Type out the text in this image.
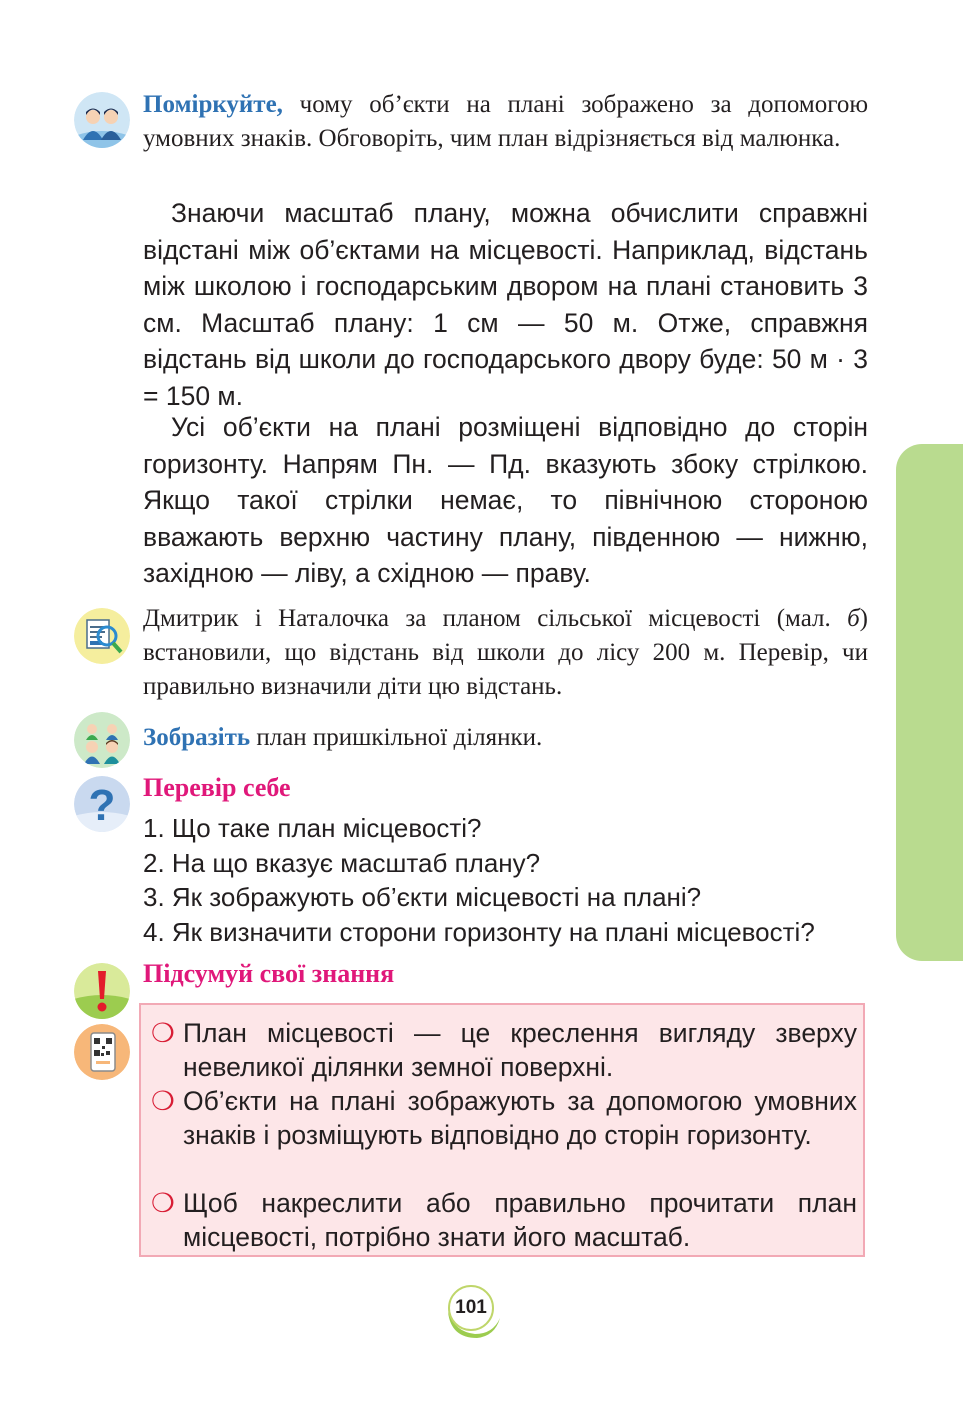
Поміркуйте, чому об’єкти на плані зображено за допомогою умовних знаків. Обговоріть, чим план відрізняється від малюнка.
Знаючи масштаб плану, можна обчислити справжні відстані між об’єктами на місцевості. Наприклад, відстань між школою і господарським двором на плані становить 3 см. Масштаб плану: 1 см — 50 м. Отже, справжня відстань від школи до господарського двору буде: 50 м · 3 = 150 м.
Усі об’єкти на плані розміщені відповідно до сторін горизонту. Напрям Пн. — Пд. вказують збоку стрілкою. Якщо такої стрілки немає, то північною стороною вважають верхню частину плану, південною — нижню, західною — ліву, а східною — праву.
Дмитрик і Наталочка за планом сільської місцевості (мал. б) встановили, що відстань від школи до лісу 200 м. Перевір, чи правильно визначили діти цю відстань.
Зобразіть план пришкільної ділянки.
? Перевір себе
1. Що таке план місцевості?
2. На що вказує масштаб плану?
3. Як зображують об’єкти місцевості на плані?
4. Як визначити сторони горизонту на плані місцевості?
Підсумуй свої знання
❍ План місцевості — це креслення вигляду зверху невеликої ділянки земної поверхні.
❍ Об’єкти на плані зображують за допомогою умовних знаків і розміщують відповідно до сторін горизонту.
❍ Щоб накреслити або правильно прочитати план місцевості, потрібно знати його масштаб.
101
